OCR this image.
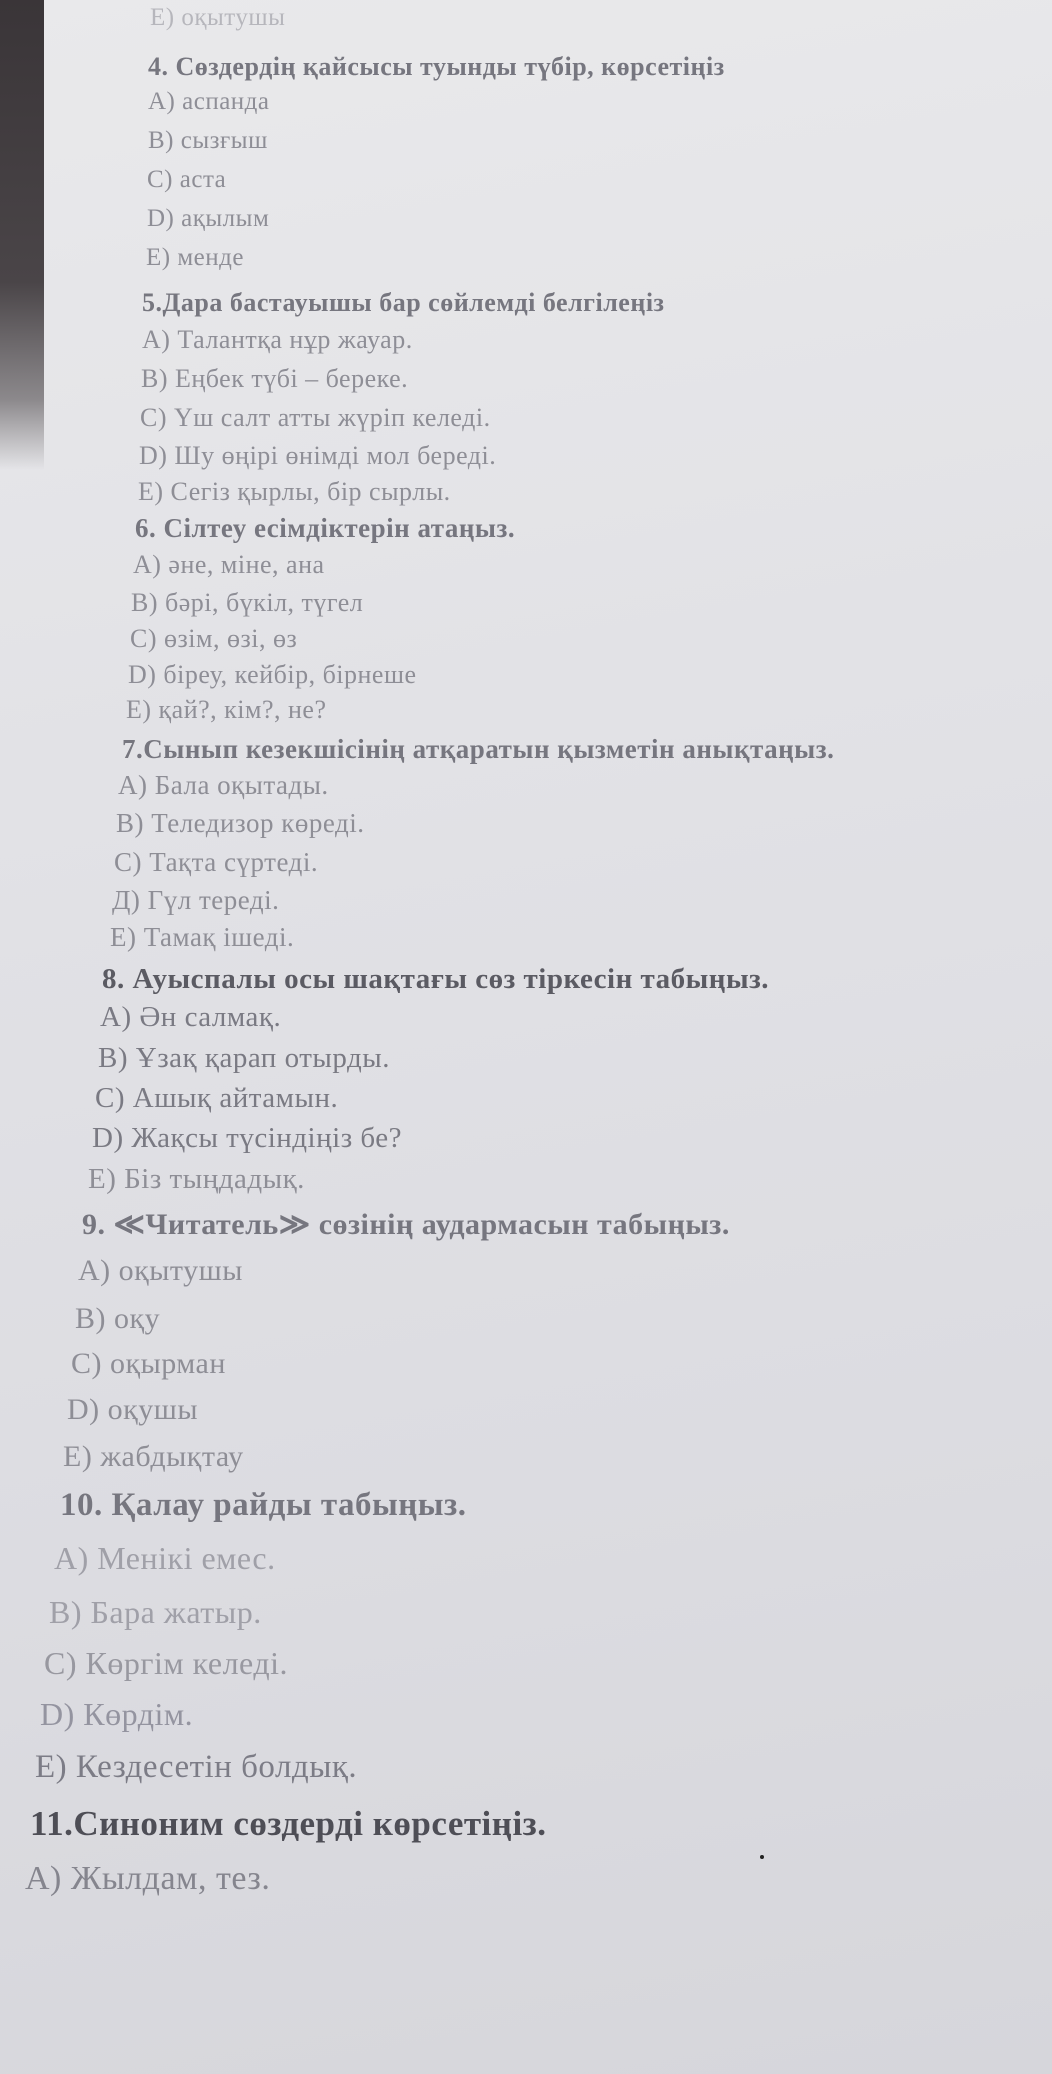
Е) оқытушы
4. Сөздердің қайсысы туынды түбір, көрсетіңіз
А) аспанда
В) сызғыш
С) аста
D) ақылым
Е) менде
5.Дара бастауышы бар сөйлемді белгілеңіз
А) Талантқа нұр жауар.
В) Еңбек түбі – береке.
С) Үш салт атты жүріп келеді.
D) Шу өңірі өнімді мол береді.
Е) Сегіз қырлы, бір сырлы.
6. Сілтеу есімдіктерін атаңыз.
А) әне, міне, ана
В) бәрі, бүкіл, түгел
С) өзім, өзі, өз
D) біреу, кейбір, бірнеше
Е) қай?, кім?, не?
7.Сынып кезекшісінің атқаратын қызметін анықтаңыз.
А) Бала оқытады.
В) Теледизор көреді.
С) Тақта сүртеді.
Д) Гүл тереді.
Е) Тамақ ішеді.
8. Ауыспалы осы шақтағы сөз тіркесін табыңыз.
А) Ән салмақ.
В) Ұзақ қарап отырды.
С) Ашық айтамын.
D) Жақсы түсіндіңіз бе?
Е) Біз тыңдадық.
9. ≪Читатель≫ сөзінің аудармасын табыңыз.
А) оқытушы
В) оқу
С) оқырман
D) оқушы
Е) жабдықтау
10. Қалау райды табыңыз.
А) Менікі емес.
В) Бара жатыр.
С) Көргім келеді.
D) Көрдім.
Е) Кездесетін болдық.
11.Синоним сөздерді көрсетіңіз.
А) Жылдам, тез.
